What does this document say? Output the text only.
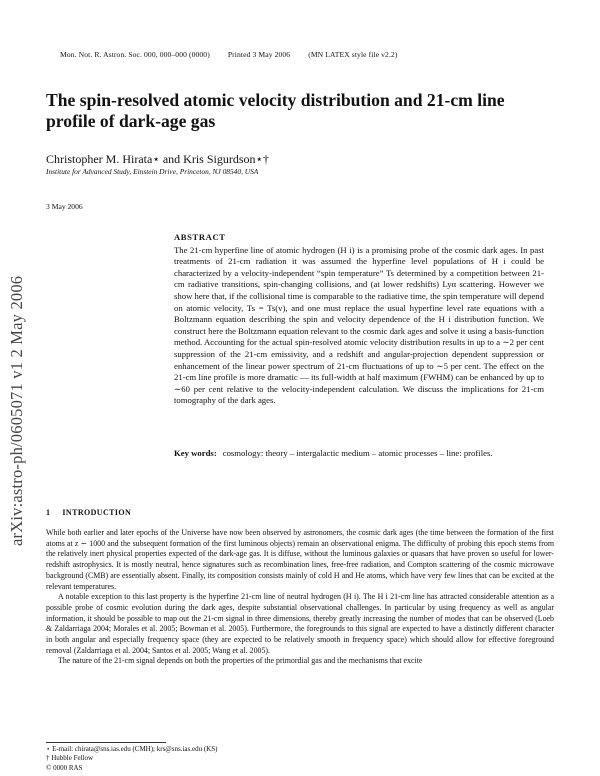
Mon. Not. R. Astron. Soc. 000, 000–000 (0000) Printed 3 May 2006 (MN LATEX style file v2.2)
The spin-resolved atomic velocity distribution and 21-cm line profile of dark-age gas
Christopher M. Hirata⋆ and Kris Sigurdson⋆†
Institute for Advanced Study, Einstein Drive, Princeton, NJ 08540, USA
3 May 2006
arXiv:astro-ph/0605071 v1 2 May 2006
ABSTRACT

The 21-cm hyperfine line of atomic hydrogen (H i) is a promising probe of the cosmic dark ages. In past treatments of 21-cm radiation it was assumed the hyperfine level populations of H i could be characterized by a velocity-independent “spin temperature” Ts determined by a competition between 21-cm radiative transitions, spin-changing collisions, and (at lower redshifts) Lyα scattering. However we show here that, if the collisional time is comparable to the radiative time, the spin temperature will depend on atomic velocity, Ts = Ts(v), and one must replace the usual hyperfine level rate equations with a Boltzmann equation describing the spin and velocity dependence of the H i distribution function. We construct here the Boltzmann equation relevant to the cosmic dark ages and solve it using a basis-function method. Accounting for the actual spin-resolved atomic velocity distribution results in up to a ∼2 per cent suppression of the 21-cm emissivity, and a redshift and angular-projection dependent suppression or enhancement of the linear power spectrum of 21-cm fluctuations of up to ∼5 per cent. The effect on the 21-cm line profile is more dramatic — its full-width at half maximum (FWHM) can be enhanced by up to ∼60 per cent relative to the velocity-independent calculation. We discuss the implications for 21-cm tomography of the dark ages.

Key words: cosmology: theory – intergalactic medium – atomic processes – line: profiles.
1 INTRODUCTION

While both earlier and later epochs of the Universe have now been observed by astronomers, the cosmic dark ages (the time between the formation of the first atoms at z ∼ 1000 and the subsequent formation of the first luminous objects) remain an observational enigma. The difficulty of probing this epoch stems from the relatively inert physical properties expected of the dark-age gas. It is diffuse, without the luminous galaxies or quasars that have proven so useful for lower-redshift astrophysics. It is mostly neutral, hence signatures such as recombination lines, free-free radiation, and Compton scattering of the cosmic microwave background (CMB) are essentially absent. Finally, its composition consists mainly of cold H and He atoms, which have very few lines that can be excited at the relevant temperatures.

A notable exception to this last property is the hyperfine 21-cm line of neutral hydrogen (H i). The H i 21-cm line has attracted considerable attention as a possible probe of cosmic evolution during the dark ages, despite substantial observational challenges. In particular by using frequency as well as angular information, it should be possible to map out the 21-cm signal in three dimensions, thereby greatly increasing the number of modes that can be observed (Loeb & Zaldarriaga 2004; Morales et al. 2005; Bowman et al. 2005). Furthermore, the foregrounds to this signal are expected to have a distinctly different character in both angular and especially frequency space (they are expected to be relatively smooth in frequency space) which should allow for effective foreground removal (Zaldarriaga et al. 2004; Santos et al. 2005; Wang et al. 2005).

The nature of the 21-cm signal depends on both the properties of the primordial gas and the mechanisms that excite

⋆ E-mail: chirata@sns.ias.edu (CMH); krs@sns.ias.edu (KS)
† Hubble Fellow
© 0000 RAS
